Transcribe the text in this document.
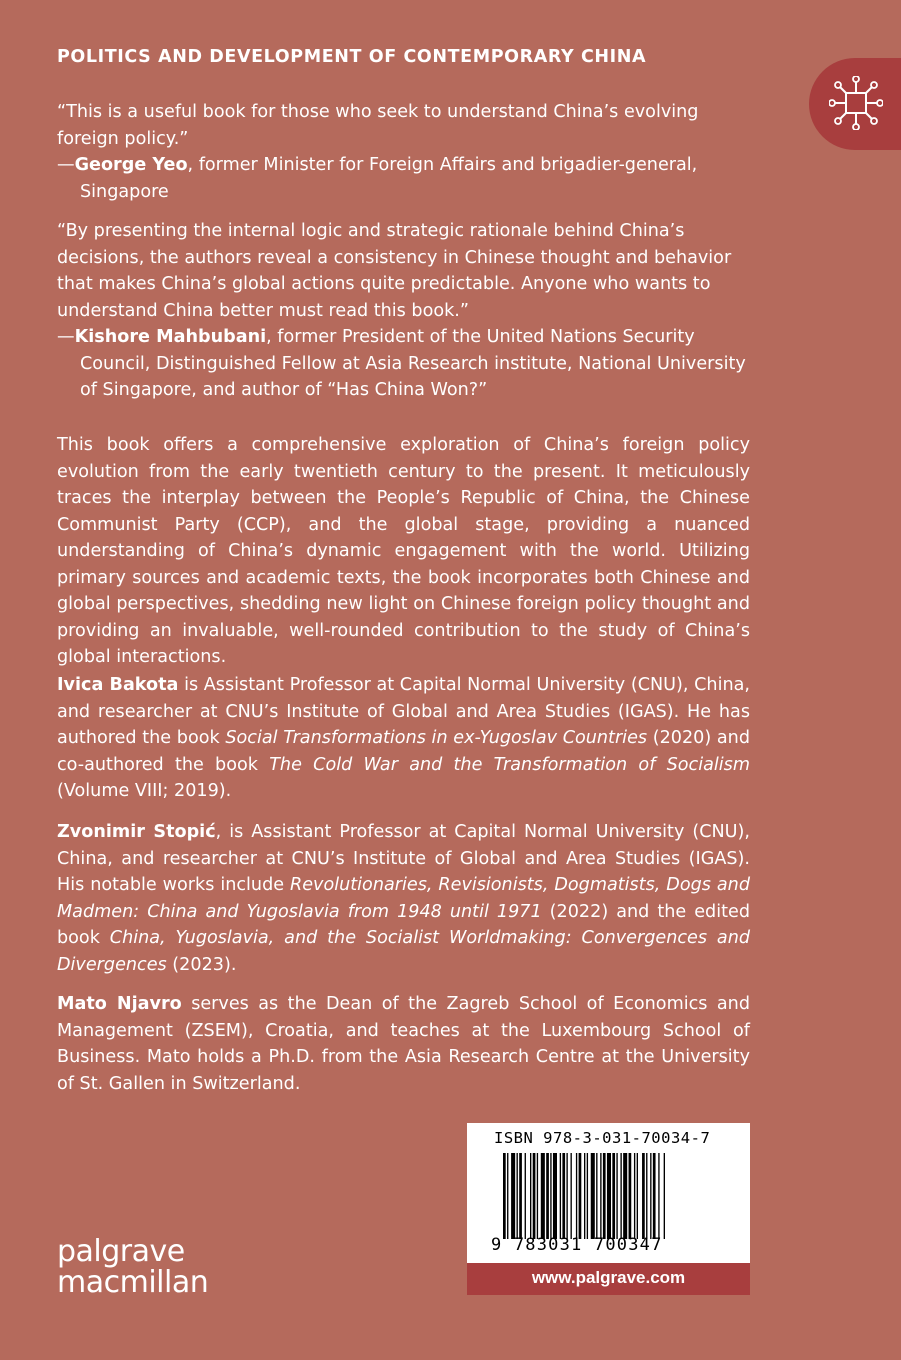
POLITICS AND DEVELOPMENT OF CONTEMPORARY CHINA

“This is a useful book for those who seek to understand China’s evolving foreign policy.”

—George Yeo, former Minister for Foreign Affairs and brigadier-general, Singapore

“By presenting the internal logic and strategic rationale behind China’s decisions, the authors reveal a consistency in Chinese thought and behavior that makes China’s global actions quite predictable. Anyone who wants to understand China better must read this book.”

—Kishore Mahbubani, former President of the United Nations Security Council, Distinguished Fellow at Asia Research institute, National University of Singapore, and author of “Has China Won?”

This book offers a comprehensive exploration of China’s foreign policy evolution from the early twentieth century to the present. It meticulously traces the interplay between the People’s Republic of China, the Chinese Communist Party (CCP), and the global stage, providing a nuanced understanding of China’s dynamic engagement with the world. Utilizing primary sources and academic texts, the book incorporates both Chinese and global perspectives, shedding new light on Chinese foreign policy thought and providing an invaluable, well-rounded contribution to the study of China’s global interactions.
Ivica Bakota is Assistant Professor at Capital Normal University (CNU), China, and researcher at CNU’s Institute of Global and Area Studies (IGAS). He has authored the book Social Transformations in ex-Yugoslav Countries (2020) and co-authored the book The Cold War and the Transformation of Socialism (Volume VIII; 2019).
Zvonimir Stopić, is Assistant Professor at Capital Normal University (CNU), China, and researcher at CNU’s Institute of Global and Area Studies (IGAS). His notable works include Revolutionaries, Revisionists, Dogmatists, Dogs and Madmen: China and Yugoslavia from 1948 until 1971 (2022) and the edited book China, Yugoslavia, and the Socialist Worldmaking: Convergences and Divergences (2023).
Mato Njavro serves as the Dean of the Zagreb School of Economics and Management (ZSEM), Croatia, and teaches at the Luxembourg School of Business. Mato holds a Ph.D. from the Asia Research Centre at the University of St. Gallen in Switzerland.
ISBN 978-3-031-70034-7
9 783031 700347
www.palgrave.com
palgrave
macmillan
